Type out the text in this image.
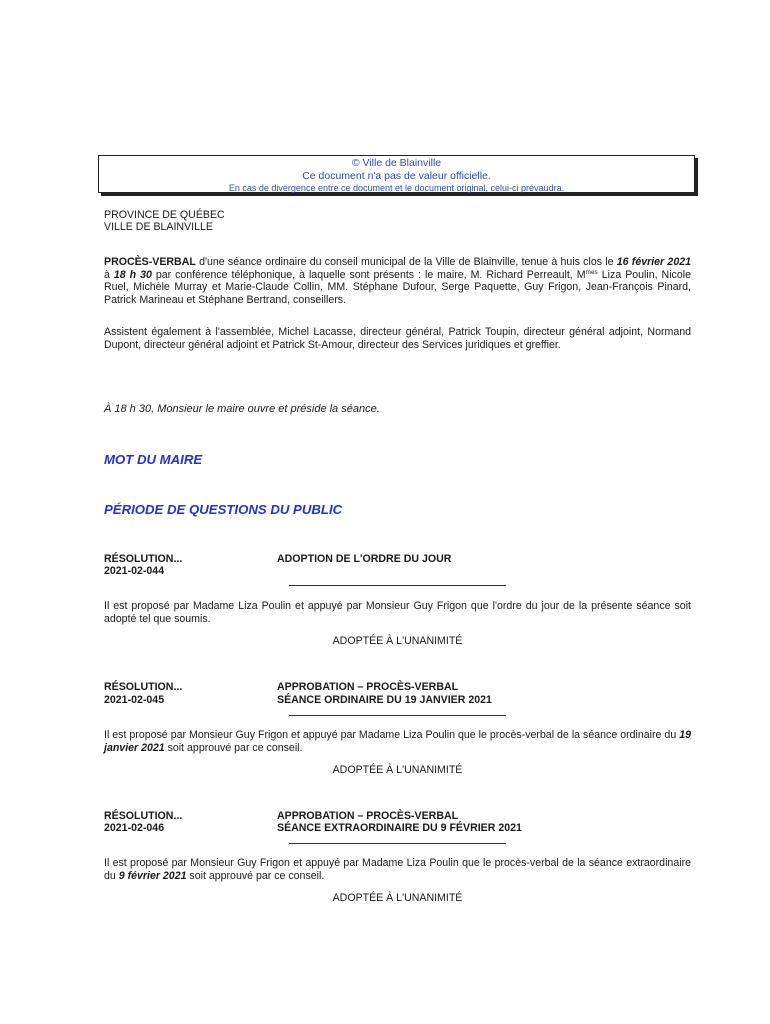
© Ville de Blainville
Ce document n'a pas de valeur officielle.
En cas de divergence entre ce document et le document original, celui-ci prévaudra.
PROVINCE DE QUÉBEC
VILLE DE BLAINVILLE
PROCÈS-VERBAL d'une séance ordinaire du conseil municipal de la Ville de Blainville, tenue à huis clos le 16 février 2021 à 18 h 30 par conférence téléphonique, à laquelle sont présents : le maire, M. Richard Perreault, $M^{mes}$ Liza Poulin, Nicole Ruel, Michèle Murray et Marie-Claude Collin, MM. Stéphane Dufour, Serge Paquette, Guy Frigon, Jean-François Pinard, Patrick Marineau et Stéphane Bertrand, conseillers.
Assistent également à l'assemblée, Michel Lacasse, directeur général, Patrick Toupin, directeur général adjoint, Normand Dupont, directeur général adjoint et Patrick St-Amour, directeur des Services juridiques et greffier.
À 18 h 30, Monsieur le maire ouvre et préside la séance.
MOT DU MAIRE
PÉRIODE DE QUESTIONS DU PUBLIC
RÉSOLUTION...
2021-02-044
ADOPTION DE L'ORDRE DU JOUR
Il est proposé par Madame Liza Poulin et appuyé par Monsieur Guy Frigon que l'ordre du jour de la présente séance soit adopté tel que soumis.
ADOPTÉE À L'UNANIMITÉ
RÉSOLUTION...
2021-02-045
APPROBATION – PROCÈS-VERBAL
SÉANCE ORDINAIRE DU 19 JANVIER 2021
Il est proposé par Monsieur Guy Frigon et appuyé par Madame Liza Poulin que le procès-verbal de la séance ordinaire du 19 janvier 2021 soit approuvé par ce conseil.
ADOPTÉE À L'UNANIMITÉ
RÉSOLUTION...
2021-02-046
APPROBATION – PROCÈS-VERBAL
SÉANCE EXTRAORDINAIRE DU 9 FÉVRIER 2021
Il est proposé par Monsieur Guy Frigon et appuyé par Madame Liza Poulin que le procès-verbal de la séance extraordinaire du 9 février 2021 soit approuvé par ce conseil.
ADOPTÉE À L'UNANIMITÉ
